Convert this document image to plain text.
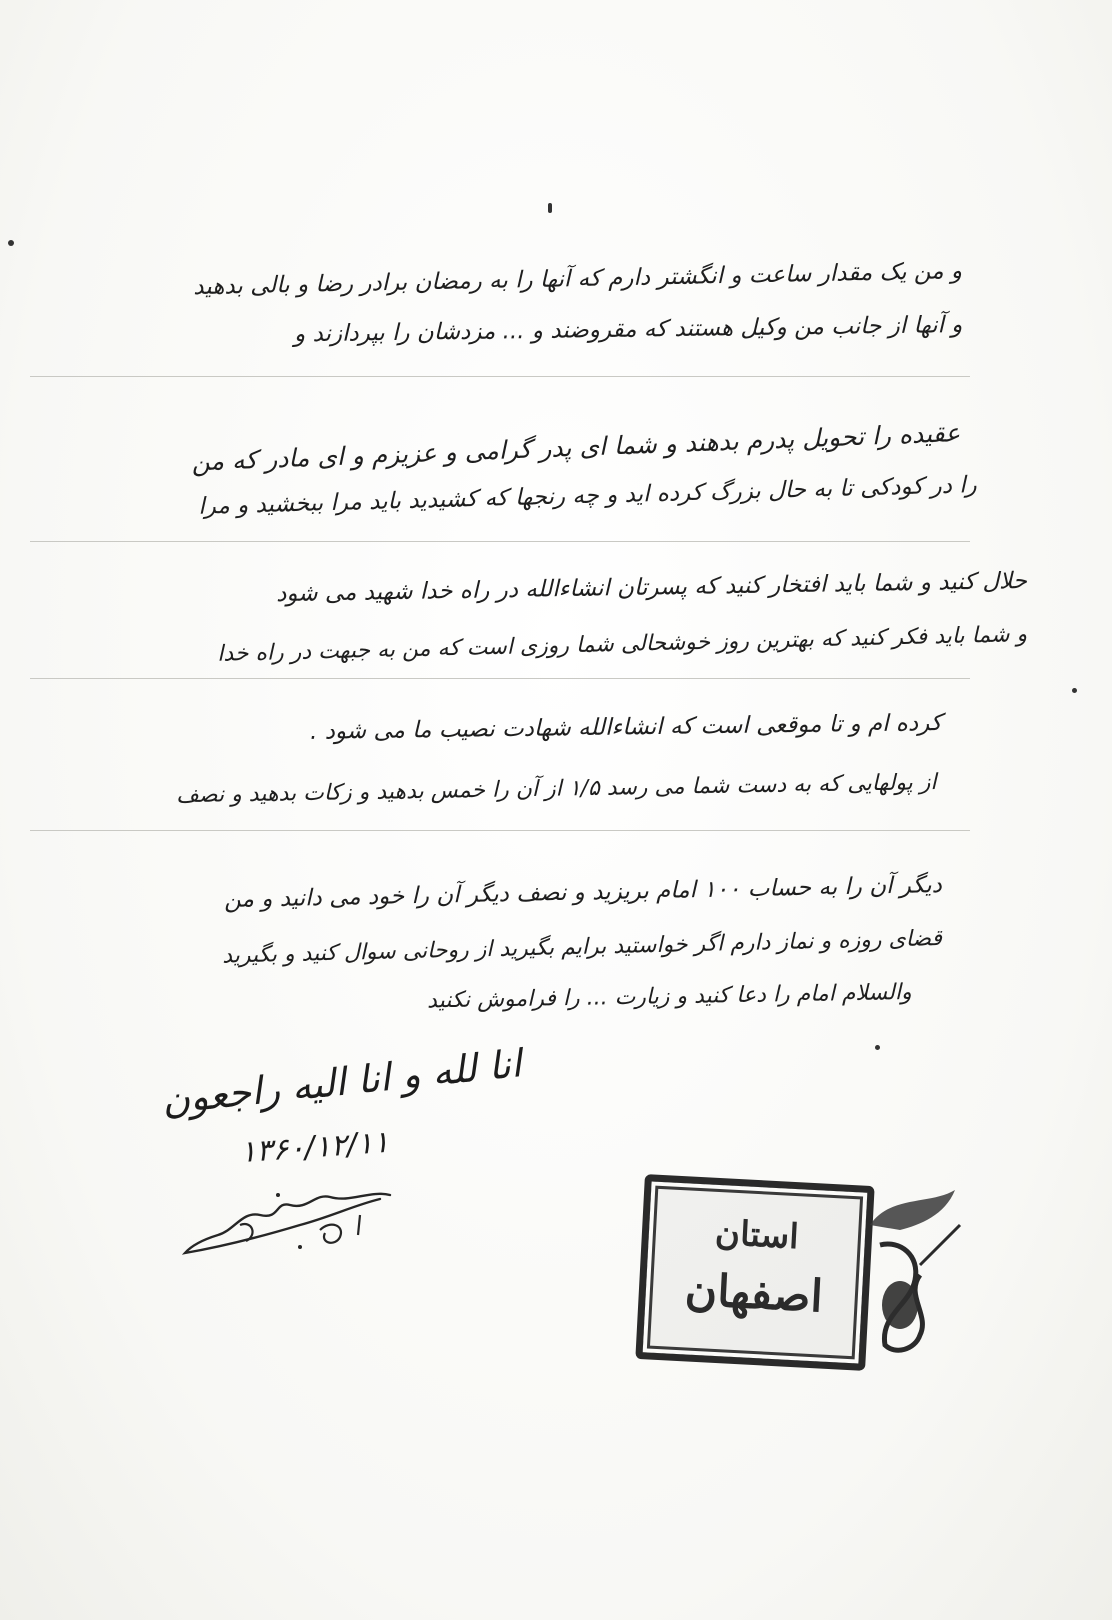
و من یک مقدار ساعت و انگشتر دارم که آنها را به رمضان برادر رضا و بالی بدهید
و آنها از جانب من وکیل هستند که مقروضند و ... مزدشان را بپردازند و
عقیده را تحویل پدرم بدهند و شما ای پدر گرامی و عزیزم و ای مادر که من
را در کودکی تا به حال بزرگ کرده اید و چه رنجها که کشیدید باید مرا ببخشید و مرا
حلال کنید و شما باید افتخار کنید که پسرتان انشاءالله در راه خدا شهید می شود
و شما باید فکر کنید که بهترین روز خوشحالی شما روزی است که من به جبهت در راه خدا
کرده ام و تا موقعی است که انشاءالله شهادت نصیب ما می شود .
از پولهایی که به دست شما می رسد ۱/۵ از آن را خمس بدهید و زکات بدهید و نصف
دیگر آن را به حساب ۱۰۰ امام بریزید و نصف دیگر آن را خود می دانید و من
قضای روزه و نماز دارم اگر خواستید برایم بگیرید از روحانی سوال کنید و بگیرید
والسلام امام را دعا کنید و زیارت ... را فراموش نکنید
انا لله و انا الیه راجعون
۱۳۶۰/۱۲/۱۱
استان
اصفهان
